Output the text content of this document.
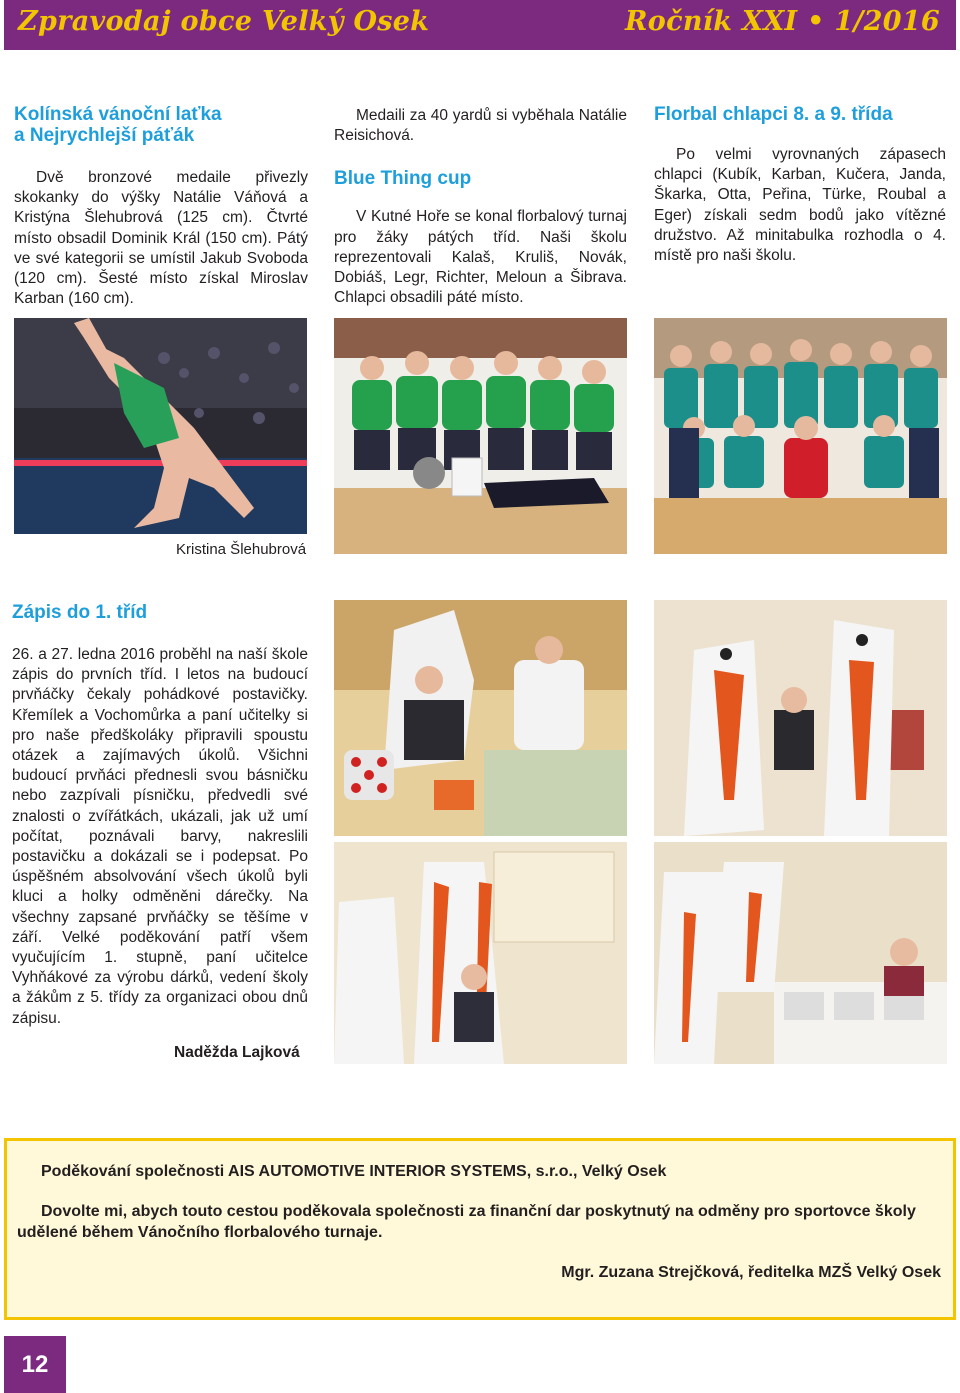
Zpravodaj obce Velký Osek	Ročník XXI • 1/2016
Kolínská vánoční laťka
a Nejrychlejší páťák
Dvě bronzové medaile přivezly skokanky do výšky Natálie Váňová a Kristýna Šlehubrová (125 cm). Čtvrté místo obsadil Dominik Král (150 cm). Pátý ve své kategorii se umístil Jakub Svoboda (120 cm). Šesté místo získal Miroslav Karban (160 cm).
Medaili za 40 yardů si vyběhala Natálie Reisichová.
Blue Thing cup
V Kutné Hoře se konal florbalový turnaj pro žáky pátých tříd. Naši školu reprezentovali Kalaš, Kruliš, Novák, Dobiáš, Legr, Richter, Meloun a Šibrava. Chlapci obsadili páté místo.
Florbal chlapci 8. a 9. třída
Po velmi vyrovnaných zápasech chlapci (Kubík, Karban, Kučera, Janda, Škarka, Otta, Peřina, Türke, Roubal a Eger) získali sedm bodů jako vítězné družstvo. Až minitabulka rozhodla o 4. místě pro naši školu.
Kristina Šlehubrová
Zápis do 1. tříd
26. a 27. ledna 2016 proběhl na naší škole zápis do prvních tříd. I letos na budoucí prvňáčky čekaly pohádkové postavičky. Křemílek a Vochomůrka a paní učitelky si pro naše předškoláky připravili spoustu otázek a zajímavých úkolů. Všichni budoucí prvňáci přednesli svou básničku nebo zazpívali písničku, předvedli své znalosti o zvířátkách, ukázali, jak už umí počítat, poznávali barvy, nakreslili postavičku a dokázali se i podepsat. Po úspěšném absolvování všech úkolů byli kluci a holky odměněni dárečky. Na všechny zapsané prvňáčky se těšíme v září. Velké poděkování patří všem vyučujícím 1. stupně, paní učitelce Vyhňákové za výrobu dárků, vedení školy a žákům z 5. třídy za organizaci obou dnů zápisu.
Naděžda Lajková
Poděkování společnosti AIS AUTOMOTIVE INTERIOR SYSTEMS, s.r.o., Velký Osek
Dovolte mi, abych touto cestou poděkovala společnosti za finanční dar poskytnutý na odměny pro sportovce školy udělené během Vánočního florbalového turnaje.
Mgr. Zuzana Strejčková, ředitelka MZŠ Velký Osek
12
